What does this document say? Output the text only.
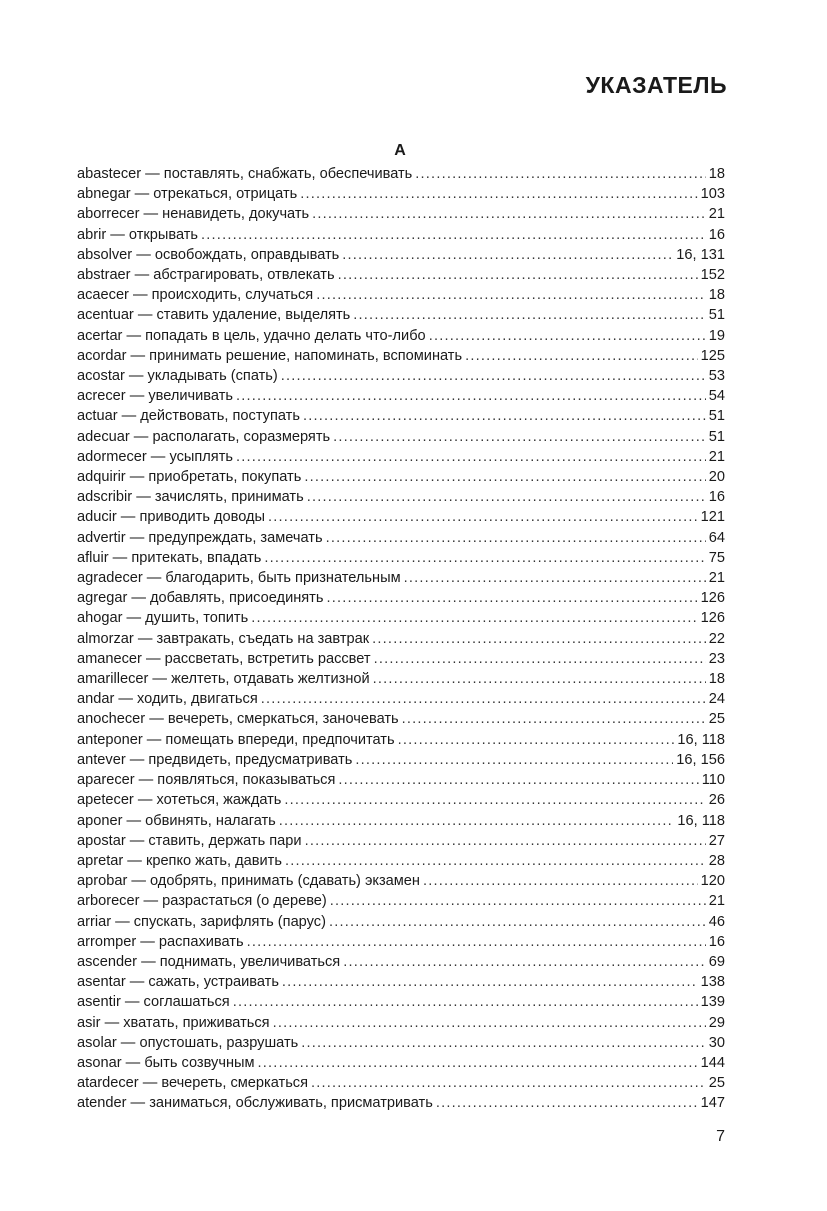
УКАЗАТЕЛЬ
A
abastecer — поставлять, снабжать, обеспечивать .....	18
abnegar — отрекаться, отрицать .....	103
aborrecer — ненавидеть, докучать .....	21
abrir — открывать .....	16
absolver — освобождать, оправдывать .....	16, 131
abstraer — абстрагировать, отвлекать .....	152
acaecer — происходить, случаться .....	18
acentuar — ставить удаление, выделять .....	51
acertar — попадать в цель, удачно делать что-либо .....	19
acordar — принимать решение, напоминать, вспоминать .....	125
acostar — укладывать (спать) .....	53
acrecer — увеличивать .....	54
actuar — действовать, поступать .....	51
adecuar — располагать, соразмерять .....	51
adormecer — усыплять .....	21
adquirir — приобретать, покупать .....	20
adscribir — зачислять, принимать .....	16
aducir — приводить доводы .....	121
advertir — предупреждать, замечать .....	64
afluir — притекать, впадать .....	75
agradecer — благодарить, быть признательным .....	21
agregar — добавлять, присоединять .....	126
ahogar — душить, топить .....	126
almorzar — завтракать, съедать на завтрак .....	22
amanecer — рассветать, встретить рассвет .....	23
amarillecer — желтеть, отдавать желтизной .....	18
andar — ходить, двигаться .....	24
anochecer — вечереть, смеркаться, заночевать .....	25
anteponer — помещать впереди, предпочитать .....	16, 118
antever — предвидеть, предусматривать .....	16, 156
aparecer — появляться, показываться .....	110
apetecer — хотеться, жаждать .....	26
aponer — обвинять, налагать .....	16, 118
apostar — ставить, держать пари .....	27
apretar — крепко жать, давить .....	28
aprobar — одобрять, принимать (сдавать) экзамен .....	120
arborecer — разрастаться (о дереве) .....	21
arriar — спускать, зарифлять (парус) .....	46
arromper — распахивать .....	16
ascender — поднимать, увеличиваться .....	69
asentar — сажать, устраивать .....	138
asentir — соглашаться .....	139
asir — хватать, приживаться .....	29
asolar — опустошать, разрушать .....	30
asonar — быть созвучным .....	144
atardecer — вечереть, смеркаться .....	25
atender — заниматься, обслуживать, присматривать .....	147
7
